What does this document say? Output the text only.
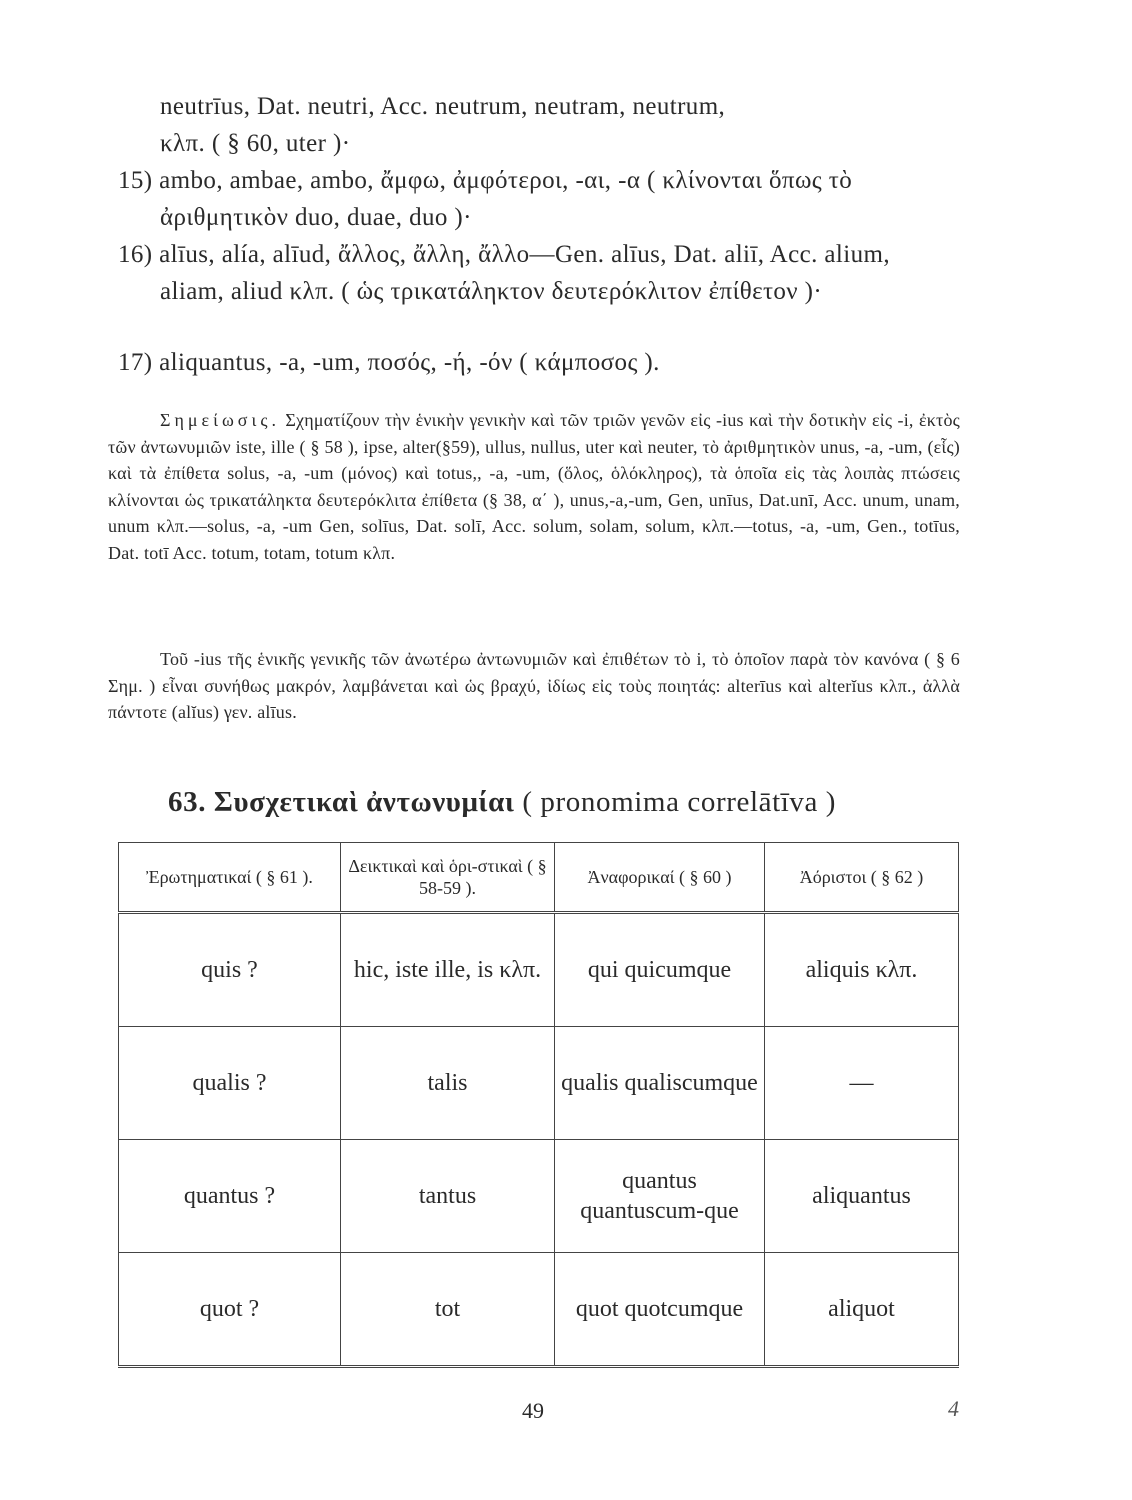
neutrīus, Dat. neutri, Acc. neutrum, neutram, neutrum,

κλπ. ( § 60, uter )·

15) ambo, ambae, ambo, ἄμφω, ἀμφότεροι, -αι, -α ( κλίνονται ὅπως τὸ ἀριθμητικὸν duo, duae, duo )·

16) alīus, alía, alīud, ἄλλος, ἄλλη, ἄλλο—Gen. alīus, Dat. aliī, Acc. alium, aliam, aliud κλπ. ( ὡς τρικατάληκτον δευτερόκλιτον ἐπίθετον )·

17) aliquantus, -a, -um, ποσός, -ή, -όν ( κάμποσος ).

Σημείωσις. Σχηματίζουν τὴν ἑνικὴν γενικὴν καὶ τῶν τριῶν γενῶν εἰς -ius καὶ τὴν δοτικὴν εἰς -i, ἐκτὸς τῶν ἀντωνυμιῶν iste, ille ( § 58 ), ipse, alter(§59), ullus, nullus, uter καὶ neuter, τὸ ἀριθμητικὸν unus, -a, -um, (εἷς) καὶ τὰ ἐπίθετα solus, -a, -um (μόνος) καὶ totus,, -a, -um, (ὅλος, ὁλόκληρος), τὰ ὁποῖα εἰς τὰς λοιπὰς πτώσεις κλίνονται ὡς τρικατάληκτα δευτερόκλιτα ἐπίθετα (§ 38, α΄ ), unus,-a,-um, Gen, unīus, Dat.unī, Acc. unum, unam, unum κλπ.—solus, -a, -um Gen, solīus, Dat. solī, Acc. solum, solam, solum, κλπ.—totus, -a, -um, Gen., totīus, Dat. totī Acc. totum, totam, totum κλπ.

Τοῦ -ius τῆς ἑνικῆς γενικῆς τῶν ἀνωτέρω ἀντωνυμιῶν καὶ ἐπιθέτων τὸ i, τὸ ὁποῖον παρὰ τὸν κανόνα ( § 6 Σημ. ) εἶναι συνήθως μακρόν, λαμβάνεται καὶ ὡς βραχύ, ἰδίως εἰς τοὺς ποιητάς: alterīus καὶ alterĭus κλπ., ἀλλὰ πάντοτε (alĭus) γεν. alīus.

63. Συσχετικαὶ ἀντωνυμίαι ( pronomima correlātīva )
Ἐρωτηματικαί ( § 61 ).	Δεικτικαὶ καὶ ὁρι-στικαὶ ( § 58-59 ).	Ἀναφορικαί ( § 60 )	Ἀόριστοι ( § 62 )
quis ?	hic, iste ille, is κλπ.	qui quicumque	aliquis κλπ.
qualis ?	talis	qualis qualiscumque	—
quantus ?	tantus	quantus quantuscum-que	aliquantus
quot ?	tot	quot quotcumque	aliquot
49	4
